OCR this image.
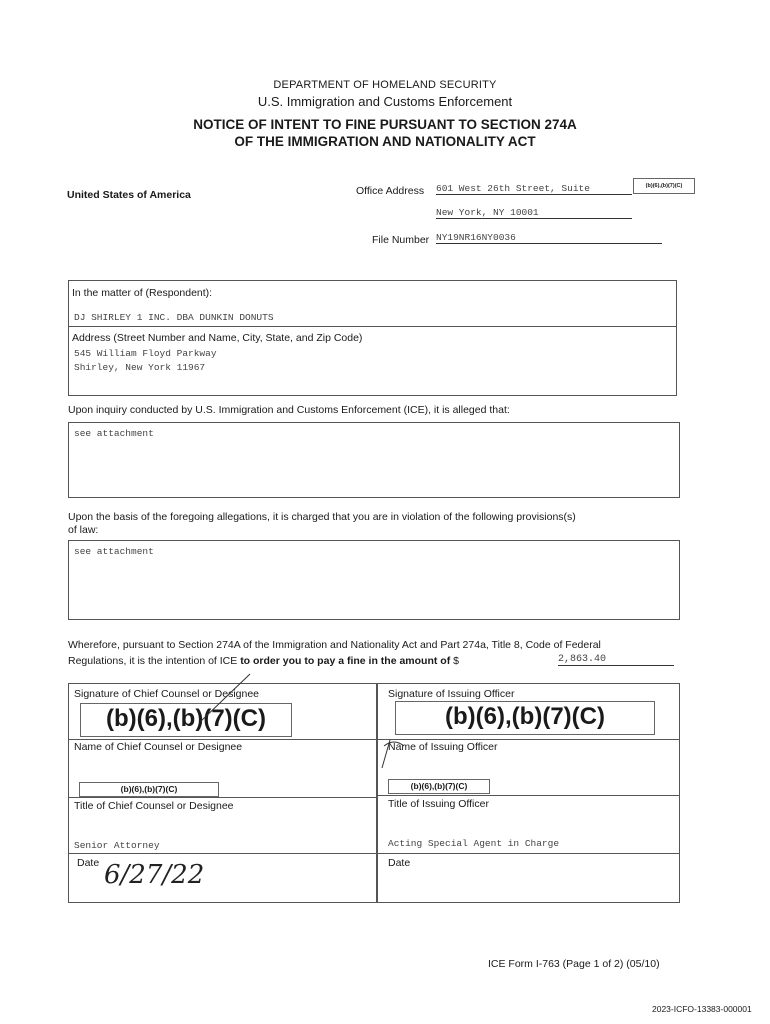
DEPARTMENT OF HOMELAND SECURITY
U.S. Immigration and Customs Enforcement
NOTICE OF INTENT TO FINE PURSUANT TO SECTION 274A
OF THE IMMIGRATION AND NATIONALITY ACT
United States of America	Office Address 601 West 26th Street, Suite	(b)(6),(b)(7)(C)
New York, NY 10001
File Number NY19NR16NY0036
In the matter of (Respondent):
DJ SHIRLEY 1 INC. DBA DUNKIN DONUTS
Address (Street Number and Name, City, State, and Zip Code)
545 William Floyd Parkway
Shirley, New York 11967
Upon inquiry conducted by U.S. Immigration and Customs Enforcement (ICE), it is alleged that:
see attachment
Upon the basis of the foregoing allegations, it is charged that you are in violation of the following provisions(s)
of law:
see attachment
Wherefore, pursuant to Section 274A of the Immigration and Nationality Act and Part 274a, Title 8, Code of Federal
Regulations, it is the intention of ICE to order you to pay a fine in the amount of $	2,863.40
Signature of Chief Counsel or Designee
(b)(6),(b)(7)(C)
Name of Chief Counsel or Designee
(b)(6),(b)(7)(C)
Title of Chief Counsel or Designee
Senior Attorney
Date 6/27/22
Signature of Issuing Officer
(b)(6),(b)(7)(C)
Name of Issuing Officer
(b)(6),(b)(7)(C)
Title of Issuing Officer
Acting Special Agent in Charge
Date
ICE Form I-763 (Page 1 of 2) (05/10)
2023-ICFO-13383-000001
